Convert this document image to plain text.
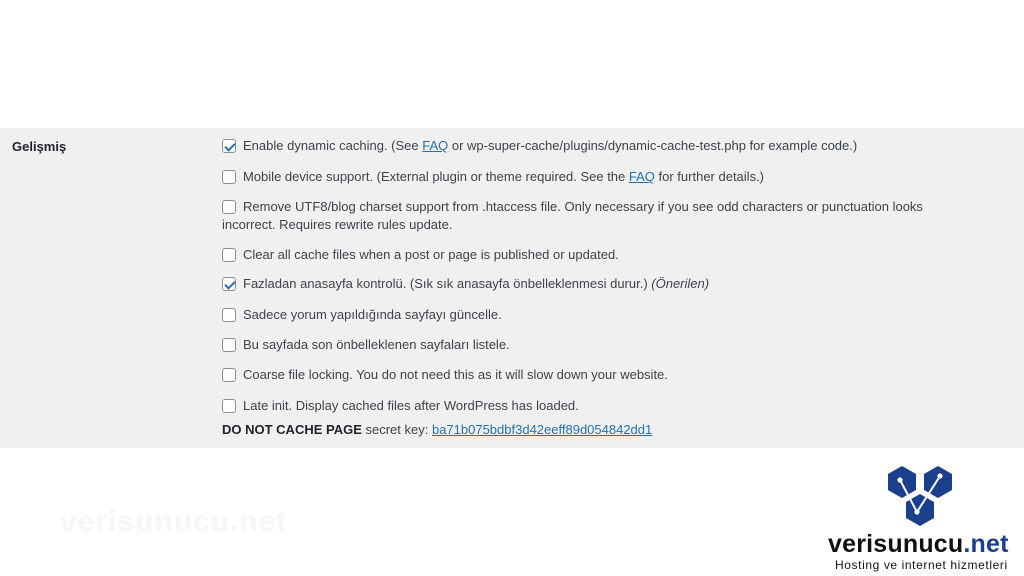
Gelişmiş	Enable dynamic caching. (See FAQ or wp-super-cache/plugins/dynamic-cache-test.php for example code.)
Mobile device support. (External plugin or theme required. See the FAQ for further details.)
Remove UTF8/blog charset support from .htaccess file. Only necessary if you see odd characters or punctuation looks incorrect. Requires rewrite rules update.
Clear all cache files when a post or page is published or updated.
Fazladan anasayfa kontrolü. (Sık sık anasayfa önbelleklenmesi durur.) (Önerilen)
Sadece yorum yapıldığında sayfayı güncelle.
Bu sayfada son önbelleklenen sayfaları listele.
Coarse file locking. You do not need this as it will slow down your website.
Late init. Display cached files after WordPress has loaded.
DO NOT CACHE PAGE secret key: ba71b075bdbf3d42eeff89d054842dd1
verisunucu.net
verisunucu.net
Hosting ve internet hizmetleri
